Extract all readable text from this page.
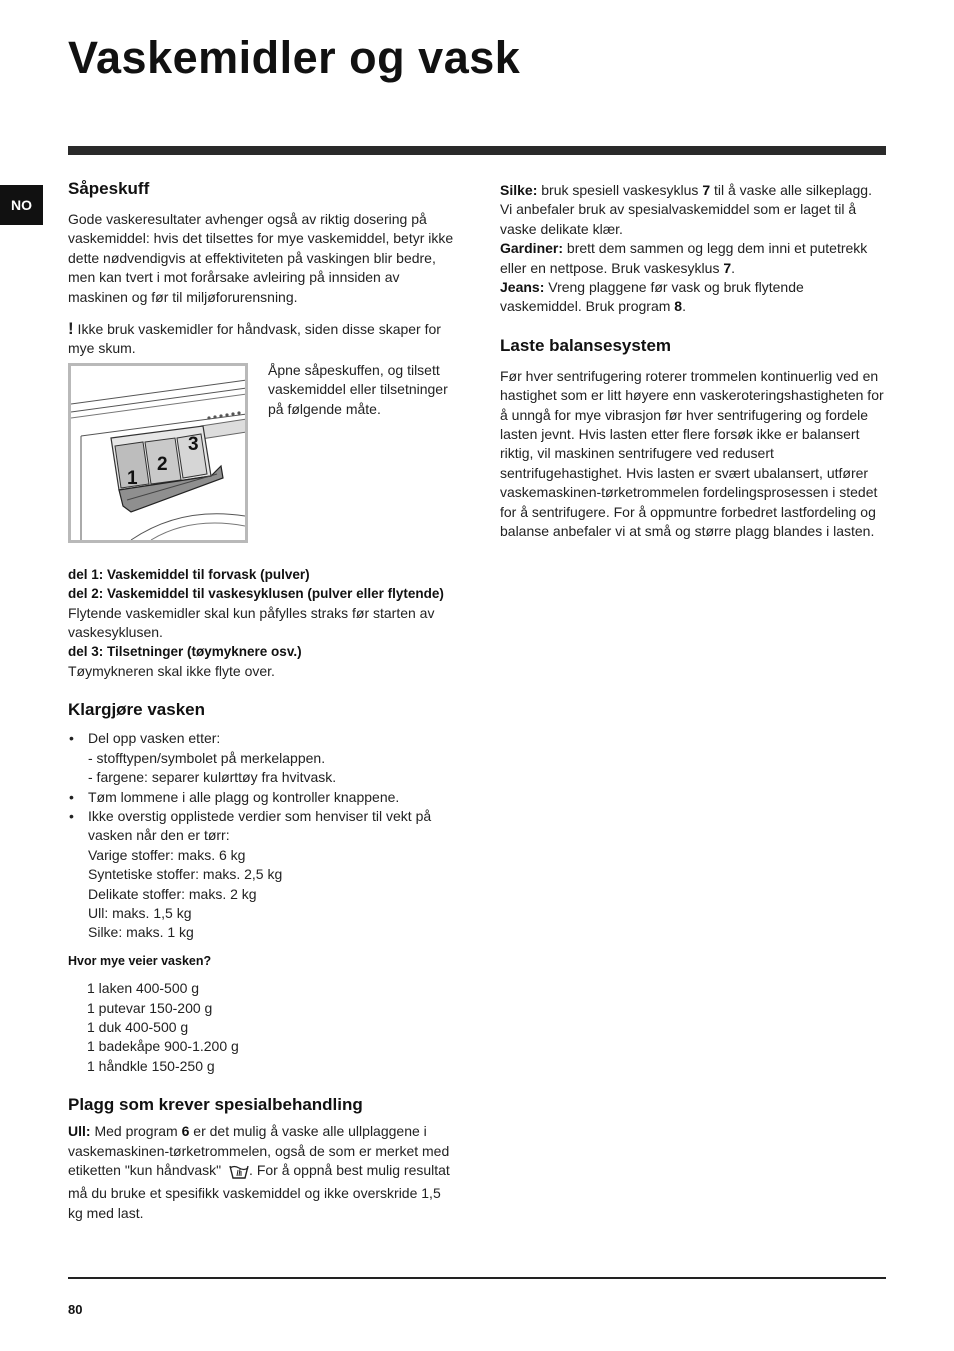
Vaskemidler og vask
NO
Såpeskuff

Gode vaskeresultater avhenger også av riktig dosering på vaskemiddel: hvis det tilsettes for mye vaskemiddel, betyr ikke dette nødvendigvis at effektiviteten på vaskingen blir bedre, men kan tvert i mot forårsake avleiring på innsiden av maskinen og før til miljøforurensning.

! Ikke bruk vaskemidler for håndvask, siden disse skaper for mye skum.

1
2
3

Åpne såpeskuffen, og tilsett vaskemiddel eller tilsetninger på følgende måte.

del 1: Vaskemiddel til forvask (pulver)

del 2: Vaskemiddel til vaskesyklusen (pulver eller flytende)

Flytende vaskemidler skal kun påfylles straks før starten av vaskesyklusen.

del 3: Tilsetninger (tøymyknere osv.)

Tøymykneren skal ikke flyte over.

Klargjøre vasken
• Del opp vasken etter:
- stofftypen/symbolet på merkelappen.
- fargene: separer kulørttøy fra hvitvask.
• Tøm lommene i alle plagg og kontroller knappene.
• Ikke overstig opplistede verdier som henviser til vekt på vasken når den er tørr:
Varige stoffer: maks. 6 kg
Syntetiske stoffer: maks. 2,5 kg
Delikate stoffer: maks. 2 kg
Ull: maks. 1,5 kg
Silke: maks. 1 kg

Hvor mye veier vasken?

1 laken 400-500 g

1 putevar 150-200 g

1 duk 400-500 g

1 badekåpe 900-1.200 g

1 håndkle 150-250 g

Plagg som krever spesialbehandling

Ull: Med program 6 er det mulig å vaske alle ullplaggene i vaskemaskinen-tørketrommelen, også de som er merket med etiketten "kun håndvask" . For å oppnå best mulig resultat må du bruke et spesifikk vaskemiddel og ikke overskride 1,5 kg med last.

Silke: bruk spesiell vaskesyklus 7 til å vaske alle silkeplagg. Vi anbefaler bruk av spesialvaskemiddel som er laget til å vaske delikate klær.

Gardiner: brett dem sammen og legg dem inni et putetrekk eller en nettpose. Bruk vaskesyklus 7.

Jeans: Vreng plaggene før vask og bruk flytende vaskemiddel. Bruk program 8.

Laste balansesystem

Før hver sentrifugering roterer trommelen kontinuerlig ved en hastighet som er litt høyere enn vaskeroteringshastigheten for å unngå for mye vibrasjon før hver sentrifugering og fordele lasten jevnt. Hvis lasten etter flere forsøk ikke er balansert riktig, vil maskinen sentrifugere ved redusert sentrifugehastighet. Hvis lasten er svært ubalansert, utfører vaskemaskinen-tørketrommelen fordelingsprosessen i stedet for å sentrifugere. For å oppmuntre forbedret lastfordeling og balanse anbefaler vi at små og større plagg blandes i lasten.

80
